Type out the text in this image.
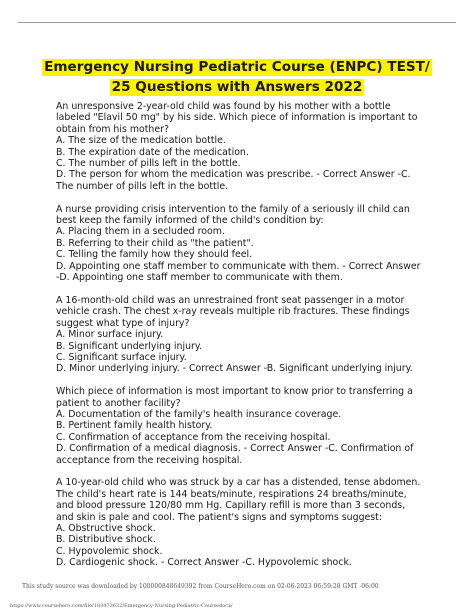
Emergency Nursing Pediatric Course (ENPC) TEST/
25 Questions with Answers 2022
An unresponsive 2-year-old child was found by his mother with a bottle
labeled "Elavil 50 mg" by his side. Which piece of information is important to
obtain from his mother?
A. The size of the medication bottle.
B. The expiration date of the medication.
C. The number of pills left in the bottle.
D. The person for whom the medication was prescribe. - Correct Answer -C.
The number of pills left in the bottle.
A nurse providing crisis intervention to the family of a seriously ill child can
best keep the family informed of the child's condition by:
A. Placing them in a secluded room.
B. Referring to their child as "the patient".
C. Telling the family how they should feel.
D. Appointing one staff member to communicate with them. - Correct Answer
-D. Appointing one staff member to communicate with them.
A 16-month-old child was an unrestrained front seat passenger in a motor
vehicle crash. The chest x-ray reveals multiple rib fractures. These findings
suggest what type of injury?
A. Minor surface injury.
B. Significant underlying injury.
C. Significant surface injury.
D. Minor underlying injury. - Correct Answer -B. Significant underlying injury.
Which piece of information is most important to know prior to transferring a
patient to another facility?
A. Documentation of the family's health insurance coverage.
B. Pertinent family health history.
C. Confirmation of acceptance from the receiving hospital.
D. Confirmation of a medical diagnosis. - Correct Answer -C. Confirmation of
acceptance from the receiving hospital.
A 10-year-old child who was struck by a car has a distended, tense abdomen.
The child's heart rate is 144 beats/minute, respirations 24 breaths/minute,
and blood pressure 120/80 mm Hg. Capillary refill is more than 3 seconds,
and skin is pale and cool. The patient's signs and symptoms suggest:
A. Obstructive shock.
B. Distributive shock.
C. Hypovolemic shock.
D. Cardiogenic shock. - Correct Answer -C. Hypovolemic shock.
This study source was downloaded by 100000848649392 from CourseHero.com on 02-06-2023 06:59:28 GMT -06:00
https://www.coursehero.com/file/183473632/Emergency-Nursing-Pediatric-Coursedocx/
